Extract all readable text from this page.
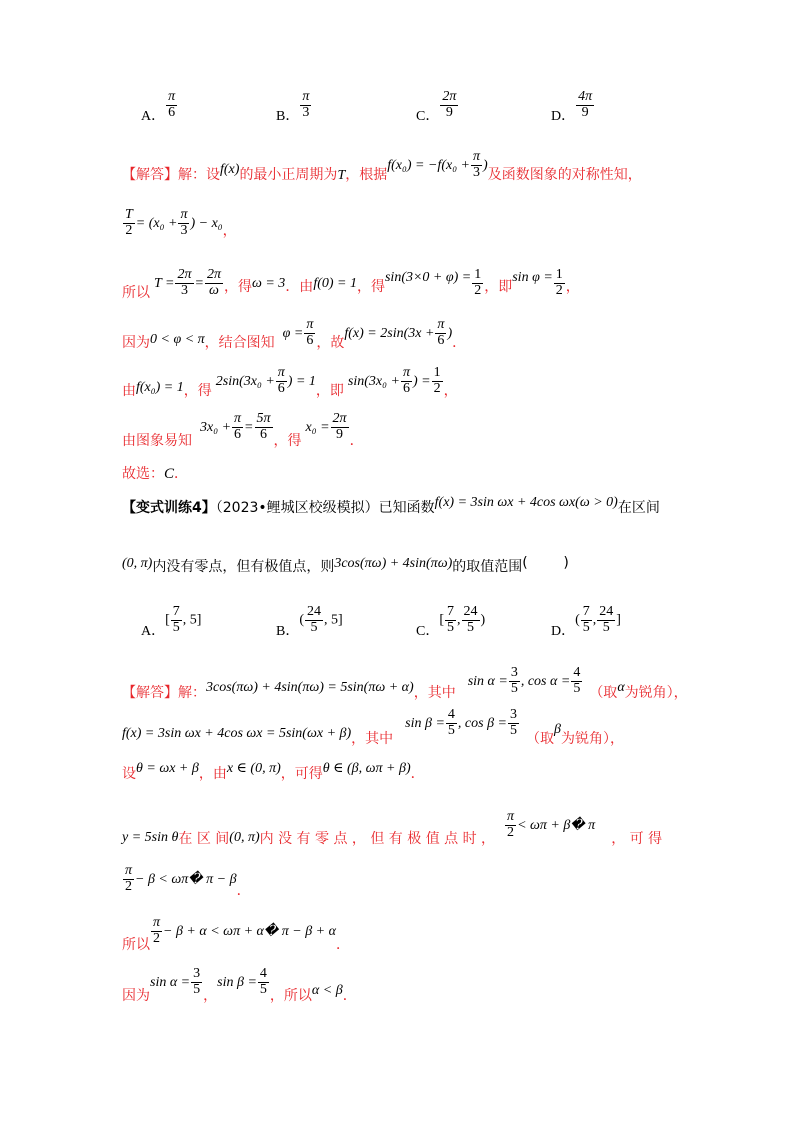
A． $\frac{\pi}{6}$	B． $\frac{\pi}{3}$	C． $\frac{2\pi}{9}$	D． $\frac{4\pi}{9}$
【解答】解：设f(x)的最小正周期为T，根据$f(x_0) = -f(x_0 + \frac{\pi}{3}$ )及函数图象的对称性知，
$\frac{T}{2} = (x_0 + \frac{\pi}{3}$ ) − x₀，
所以$T = \frac{2\pi}{3} = \frac{2\pi}{\omega}$ ，得ω = 3．由f(0) = 1，得$\sin(3\times 0 + \varphi) = \frac{1}{2}$ ，即$\sin \varphi = \frac{1}{2}$ ，
因为0 < φ < π，结合图知$\varphi = \frac{\pi}{6}$ ，故$f(x) = 2\sin(3x + \frac{\pi}{6}$ )．
由f(x₀) = 1，得$2\sin(3x_0 + \frac{\pi}{6}$ ) = 1，即$\sin(3x_0 + \frac{\pi}{6}$ ) = $\frac{1}{2}$ ，
由图象易知$3x_0 + \frac{\pi}{6} = \frac{5\pi}{6}$ ，得$x_0 = \frac{2\pi}{9}$ ．
故选：C．
【变式训练4】（2023•鲤城区校级模拟）已知函数f(x) = 3sin ωx + 4cos ωx(ω > 0)在区间
(0, π)内没有零点，但有极值点，则3cos(πω) + 4sin(πω)的取值范围(        )
A．[ $\frac{7}{5}$ , 5]
B．( $\frac{24}{5}$ , 5]
C．[ $\frac{7}{5}$ , $\frac{24}{5}$ )
D．( $\frac{7}{5}$ , $\frac{24}{5}$ ]
【解答】解：3cos(πω) + 4sin(πω) = 5sin(πω + α)，其中$\sin \alpha = \frac{3}{5}$ , $\cos \alpha = \frac{4}{5}$ （取α为锐角），
f(x) = 3sin ωx + 4cos ωx = 5sin(ωx + β)，其中$\sin \beta = \frac{4}{5}$ , $\cos \beta = \frac{3}{5}$
（取β为锐角），
设θ = ωx + β，由x ∈ (0, π)，可得θ ∈ (β, ωπ + β)．
y = 5sin θ在 区 间(0, π)内 没 有 零 点 ， 但 有 极 值 点 时 ， $\frac{\pi}{2} < \omega\pi$ + β� π， 可 得
$\frac{\pi}{2} - \beta$ < ωπ� π − β．
所以 $\frac{\pi}{2} - \beta + \alpha < \omega\pi$ + α� π − β + α．
因为$\sin \alpha = \frac{3}{5}$ ，$\sin \beta = \frac{4}{5}$ ，所以α < β．
